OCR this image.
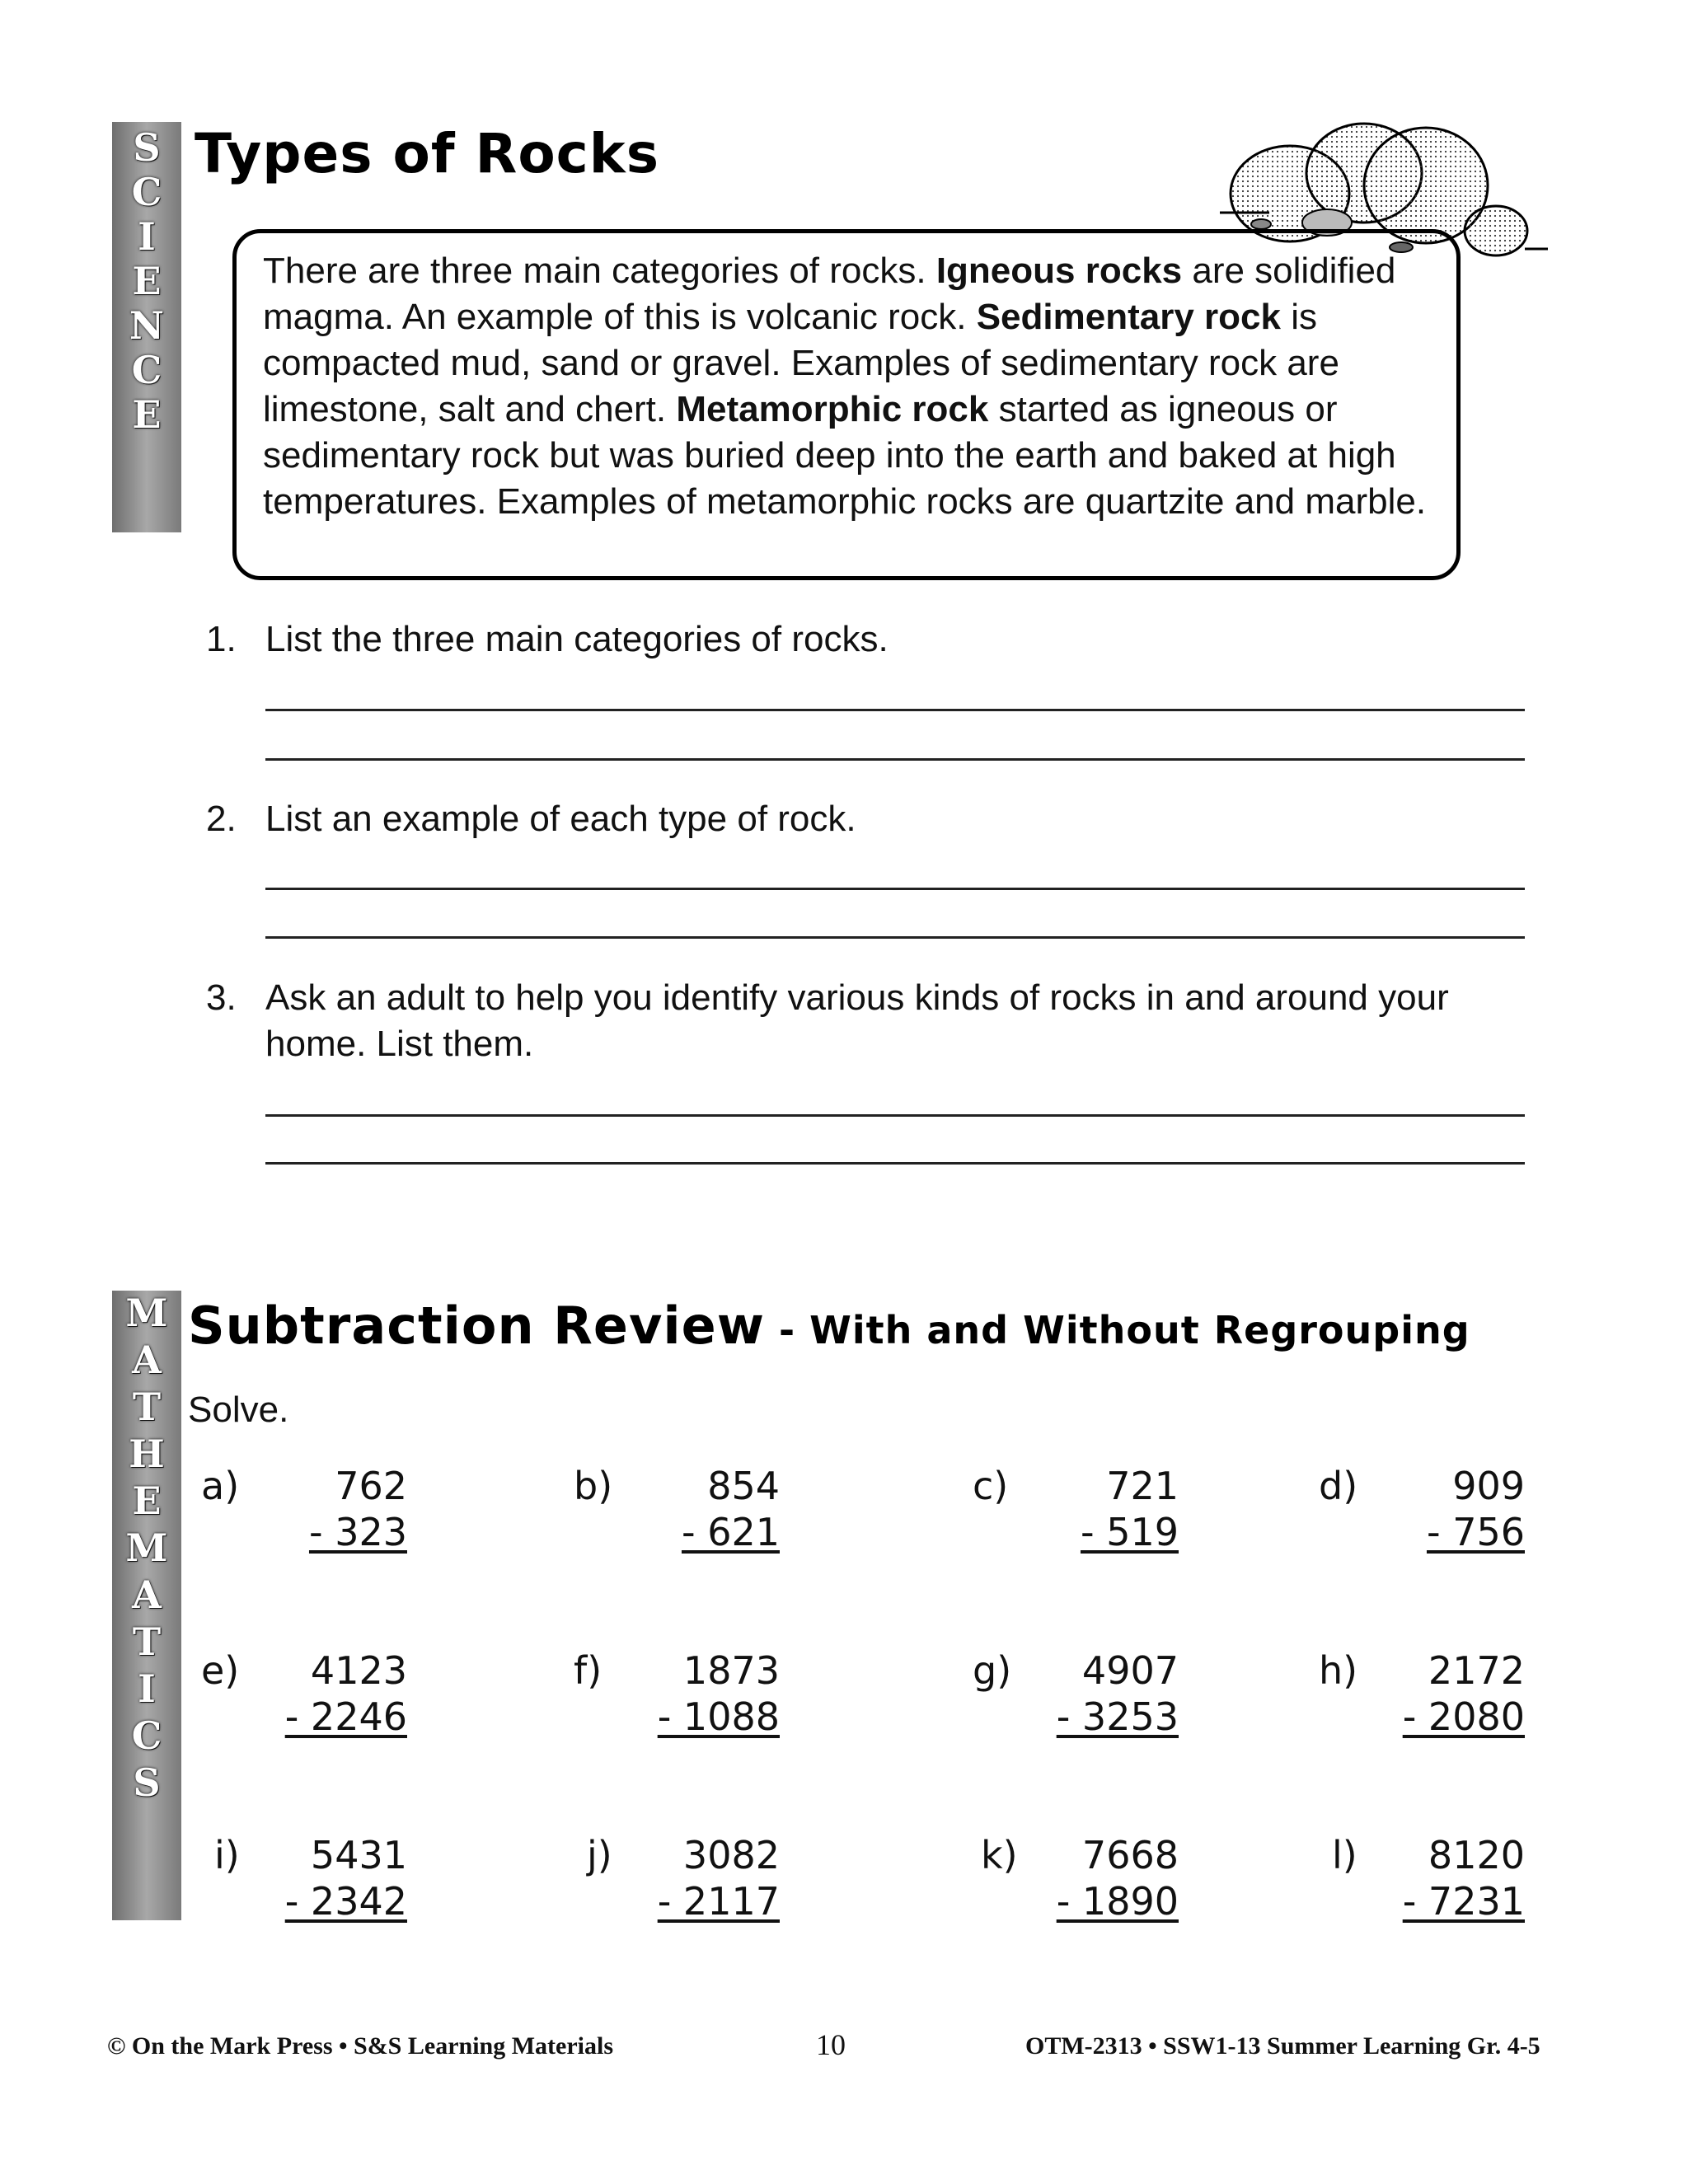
S
C
I
E
N
C
E
Types of Rocks

There are three main categories of rocks. Igneous rocks are solidified magma. An example of this is volcanic rock. Sedimentary rock is compacted mud, sand or gravel. Examples of sedimentary rock are limestone, salt and chert. Metamorphic rock started as igneous or sedimentary rock but was buried deep into the earth and baked at high temperatures. Examples of metamorphic rocks are quartzite and marble.

1. List the three main categories of rocks.
2. List an example of each type of rock.
3. Ask an adult to help you identify various kinds of rocks in and around your home. List them.
M
A
T
H
E
M
A
T
I
C
S
Subtraction Review - With and Without Regrouping
Solve.
a)	762
- 323
b)	854
- 621
c)	721
- 519
d)	909
- 756
e) 4123
- 2246
f) 1873
- 1088
g) 4907
- 3253
h) 2172
- 2080
i) 5431
- 2342
j) 3082
- 2117
k) 7668
- 1890
l) 8120
- 7231
© On the Mark Press • S&S Learning Materials	10	OTM-2313 • SSW1-13 Summer Learning Gr. 4-5
